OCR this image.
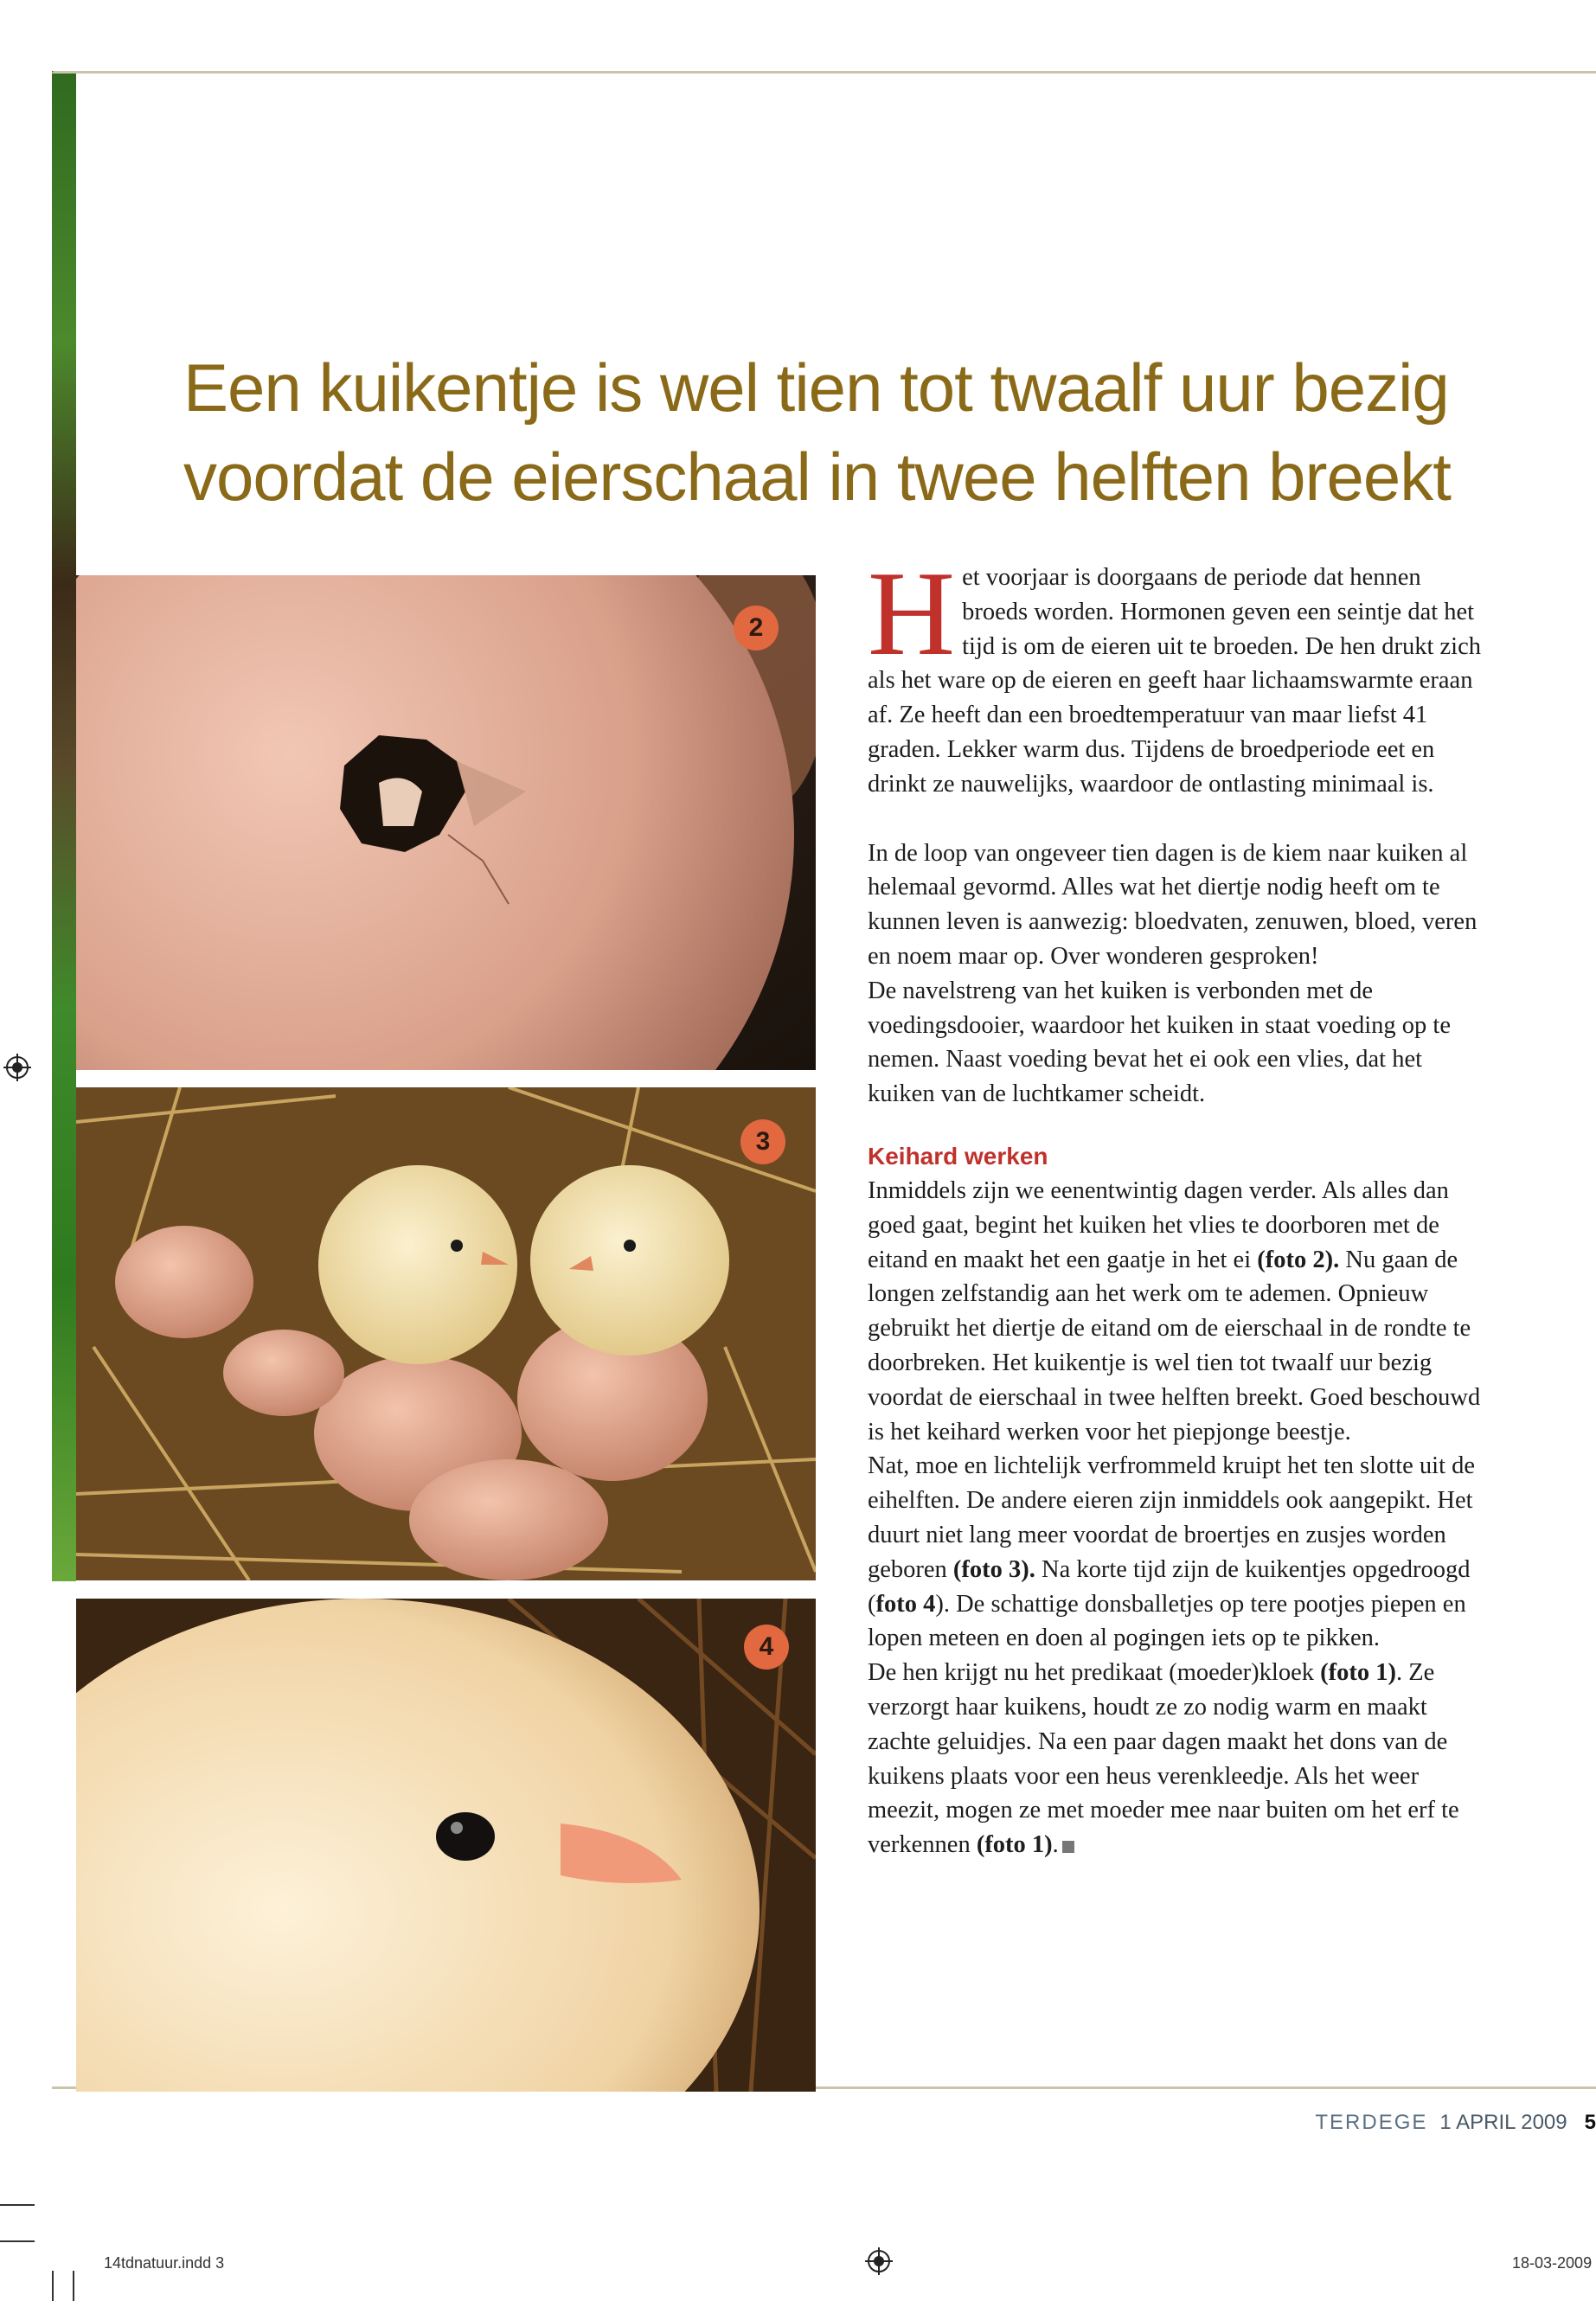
Een kuikentje is wel tien tot twaalf uur bezig
voordat de eierschaal in twee helften breekt
2
3
4

Het voorjaar is doorgaans de periode dat hennen broeds worden. Hormonen geven een seintje dat het tijd is om de eieren uit te broeden. De hen drukt zich als het ware op de eieren en geeft haar lichaamswarmte eraan af. Ze heeft dan een broedtemperatuur van maar liefst 41 graden. Lekker warm dus. Tijdens de broedperiode eet en drinkt ze nauwelijks, waardoor de ontlasting minimaal is.

In de loop van ongeveer tien dagen is de kiem naar kuiken al helemaal gevormd. Alles wat het diertje nodig heeft om te kunnen leven is aanwezig: bloedvaten, zenuwen, bloed, veren en noem maar op. Over wonderen gesproken!

De navelstreng van het kuiken is verbonden met de voedingsdooier, waardoor het kuiken in staat voeding op te nemen. Naast voeding bevat het ei ook een vlies, dat het kuiken van de luchtkamer scheidt.

Keihard werken

Inmiddels zijn we eenentwintig dagen verder. Als alles dan goed gaat, begint het kuiken het vlies te doorboren met de eitand en maakt het een gaatje in het ei (foto 2). Nu gaan de longen zelfstandig aan het werk om te ademen. Opnieuw gebruikt het diertje de eitand om de eierschaal in de rondte te doorbreken. Het kuikentje is wel tien tot twaalf uur bezig voordat de eierschaal in twee helften breekt. Goed beschouwd is het keihard werken voor het piepjonge beestje.

Nat, moe en lichtelijk verfrommeld kruipt het ten slotte uit de eihelften. De andere eieren zijn inmiddels ook aangepikt. Het duurt niet lang meer voordat de broertjes en zusjes worden geboren (foto 3). Na korte tijd zijn de kuikentjes opgedroogd (foto 4). De schattige donsballetjes op tere pootjes piepen en lopen meteen en doen al pogingen iets op te pikken.

De hen krijgt nu het predikaat (moeder)kloek (foto 1). Ze verzorgt haar kuikens, houdt ze zo nodig warm en maakt zachte geluidjes. Na een paar dagen maakt het dons van de kuikens plaats voor een heus verenkleedje. Als het weer meezit, mogen ze met moeder mee naar buiten om het erf te verkennen (foto 1).

TERDEGE 1 APRIL 2009 5
14tdnatuur.indd 3	18-03-2009
